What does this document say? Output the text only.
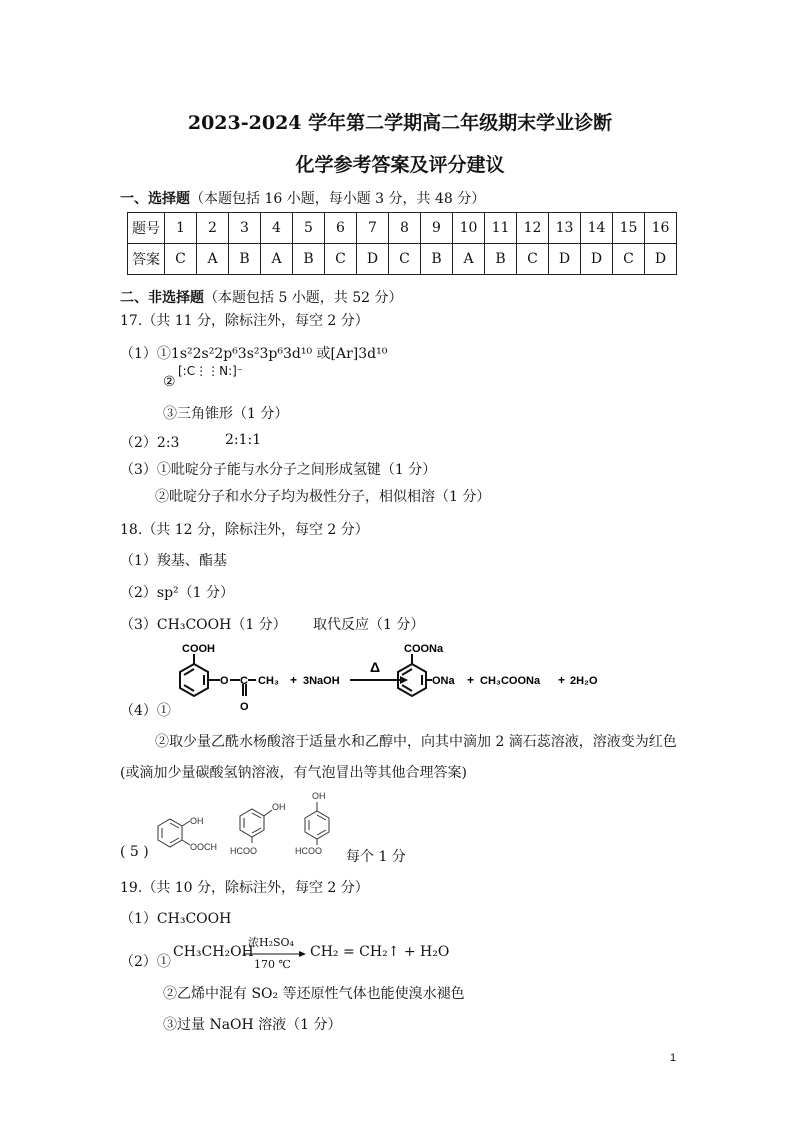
2023-2024 学年第二学期高二年级期末学业诊断
化学参考答案及评分建议
一、选择题（本题包括 16 小题，每小题 3 分，共 48 分）
题号	1	2	3	4	5	6	7	8	9	10	11	12	13	14	15	16
答案	C	A	B	A	B	C	D	C	B	A	B	C	D	D	C	D
二、非选择题（本题包括 5 小题，共 52 分）
17.（共 11 分，除标注外，每空 2 分）
（1）①1s²2s²2p⁶3s²3p⁶3d¹⁰ 或[Ar]3d¹⁰
②
[:C⋮⋮N:]⁻
③三角锥形（1 分）
（2）2:3	2:1:1
（3）①吡啶分子能与水分子之间形成氢键（1 分）
②吡啶分子和水分子均为极性分子，相似相溶（1 分）
18.（共 12 分，除标注外，每空 2 分）
（1）羧基、酯基
（2）sp²（1 分）
（3）CH₃COOH（1 分） 取代反应（1 分）
COOH
O C CH₃
O
+ 3NaOH
Δ
COONa
ONa + CH₃COONa + 2H₂O
（4）①
②取少量乙酰水杨酸溶于适量水和乙醇中，向其中滴加 2 滴石蕊溶液，溶液变为红色
(或滴加少量碳酸氢钠溶液，有气泡冒出等其他合理答案)
( 5 )
OH
OOCH
OH
HCOO
OH
HCOO 每个 1 分
19.（共 10 分，除标注外，每空 2 分）
（1）CH₃COOH
（2）①
CH₃CH₂OH
浓H₂SO₄
170 ℃
CH₂ = CH₂↑ + H₂O
②乙烯中混有 SO₂ 等还原性气体也能使溴水褪色
③过量 NaOH 溶液（1 分）
1
